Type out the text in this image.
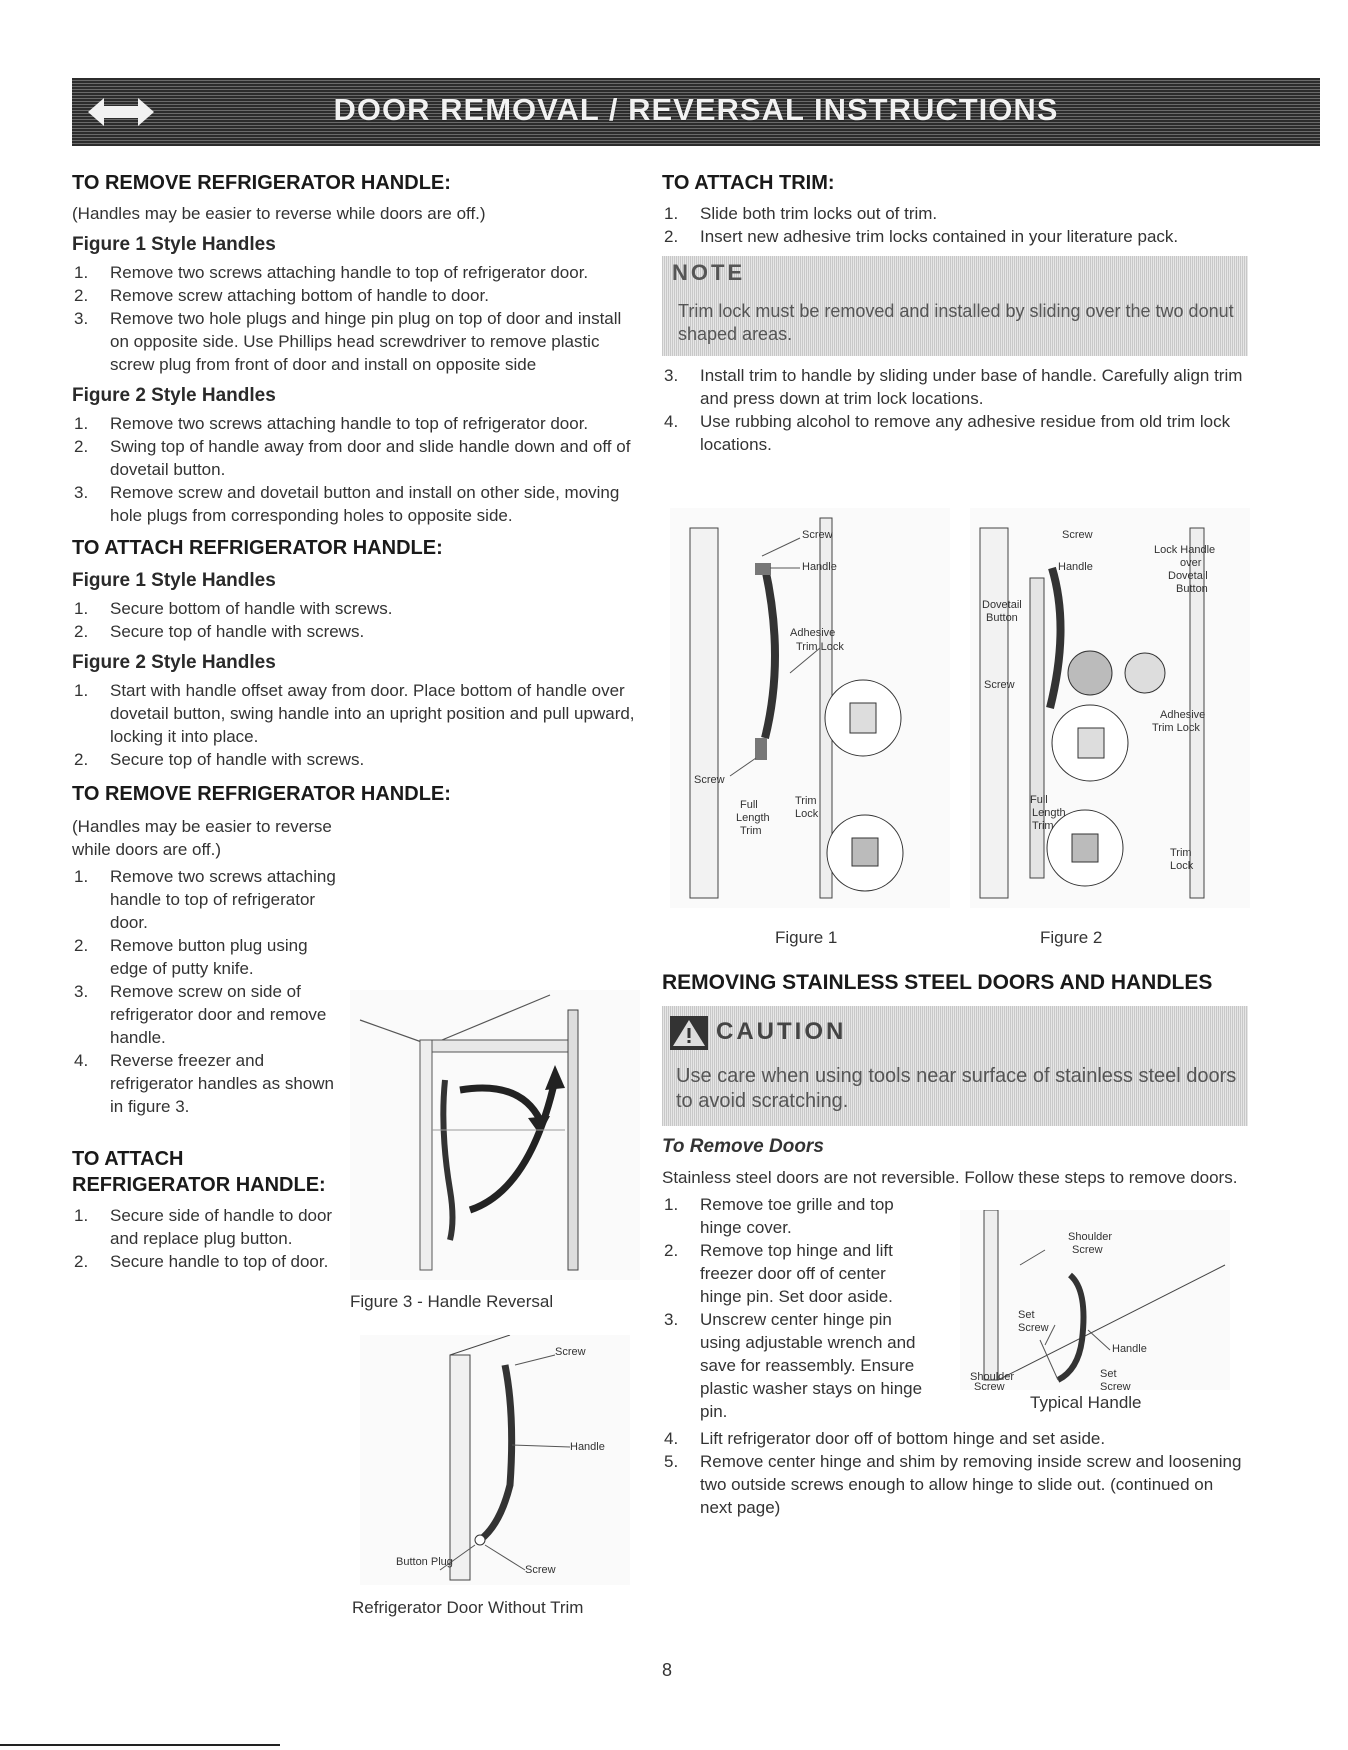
DOOR REMOVAL / REVERSAL INSTRUCTIONS
TO REMOVE REFRIGERATOR HANDLE:

(Handles may be easier to reverse while doors are off.)

Figure 1 Style Handles
1. Remove two screws attaching handle to top of refrigerator door.
2. Remove screw attaching bottom of handle to door.
3. Remove two hole plugs and hinge pin plug on top of door and install on opposite side. Use Phillips head screwdriver to remove plastic screw plug from front of door and install on opposite side
Figure 2 Style Handles
1. Remove two screws attaching handle to top of refrigerator door.
2. Swing top of handle away from door and slide handle down and off of dovetail button.
3. Remove screw and dovetail button and install on other side, moving hole plugs from corresponding holes to opposite side.
TO ATTACH REFRIGERATOR HANDLE:
Figure 1 Style Handles
1. Secure bottom of handle with screws.
2. Secure top of handle with screws.
Figure 2 Style Handles
1. Start with handle offset away from door. Place bottom of handle over dovetail button, swing handle into an upright position and pull upward, locking it into place.
2. Secure top of handle with screws.
TO REMOVE REFRIGERATOR HANDLE:

(Handles may be easier to reverse while doors are off.)

1. Remove two screws attaching handle to top of refrigerator door.
2. Remove button plug using edge of putty knife.
3. Remove screw on side of refrigerator door and remove handle.
4. Reverse freezer and refrigerator handles as shown in figure 3.
TO ATTACH REFRIGERATOR HANDLE:
1. Secure side of handle to door and replace plug button.
2. Secure handle to top of door.
Figure 3 - Handle Reversal
Screw
Handle
Button Plug
Screw
Refrigerator Door Without Trim
TO ATTACH TRIM:
1. Slide both trim locks out of trim.
2. Insert new adhesive trim locks contained in your literature pack.
NOTE
Trim lock must be removed and installed by sliding over the two donut shaped areas.
3. Install trim to handle by sliding under base of handle. Carefully align trim and press down at trim lock locations.
4. Use rubbing alcohol to remove any adhesive residue from old trim lock locations.
Screw
Handle
Adhesive
Trim Lock
Screw
Full
Length
Trim
Trim
Lock
Figure 1
Screw
Handle
Lock Handle
over
Dovetail
Button
Dovetail
Button
Screw
Adhesive
Trim Lock
Full
Length
Trim
Trim
Lock
Figure 2
REMOVING STAINLESS STEEL DOORS AND HANDLES
CAUTION
Use care when using tools near surface of stainless steel doors to avoid scratching.
To Remove Doors

Stainless steel doors are not reversible. Follow these steps to remove doors.

1. Remove toe grille and top hinge cover.
2. Remove top hinge and lift freezer door off of center hinge pin. Set door aside.
3. Unscrew center hinge pin using adjustable wrench and save for reassembly. Ensure plastic washer stays on hinge pin.
4. Lift refrigerator door off of bottom hinge and set aside.
5. Remove center hinge and shim by removing inside screw and loosening two outside screws enough to allow hinge to slide out. (continued on next page)
Shoulder
Screw
Set
Screw
Handle
Shoulder
Screw
Set
Screw
Typical Handle
8
